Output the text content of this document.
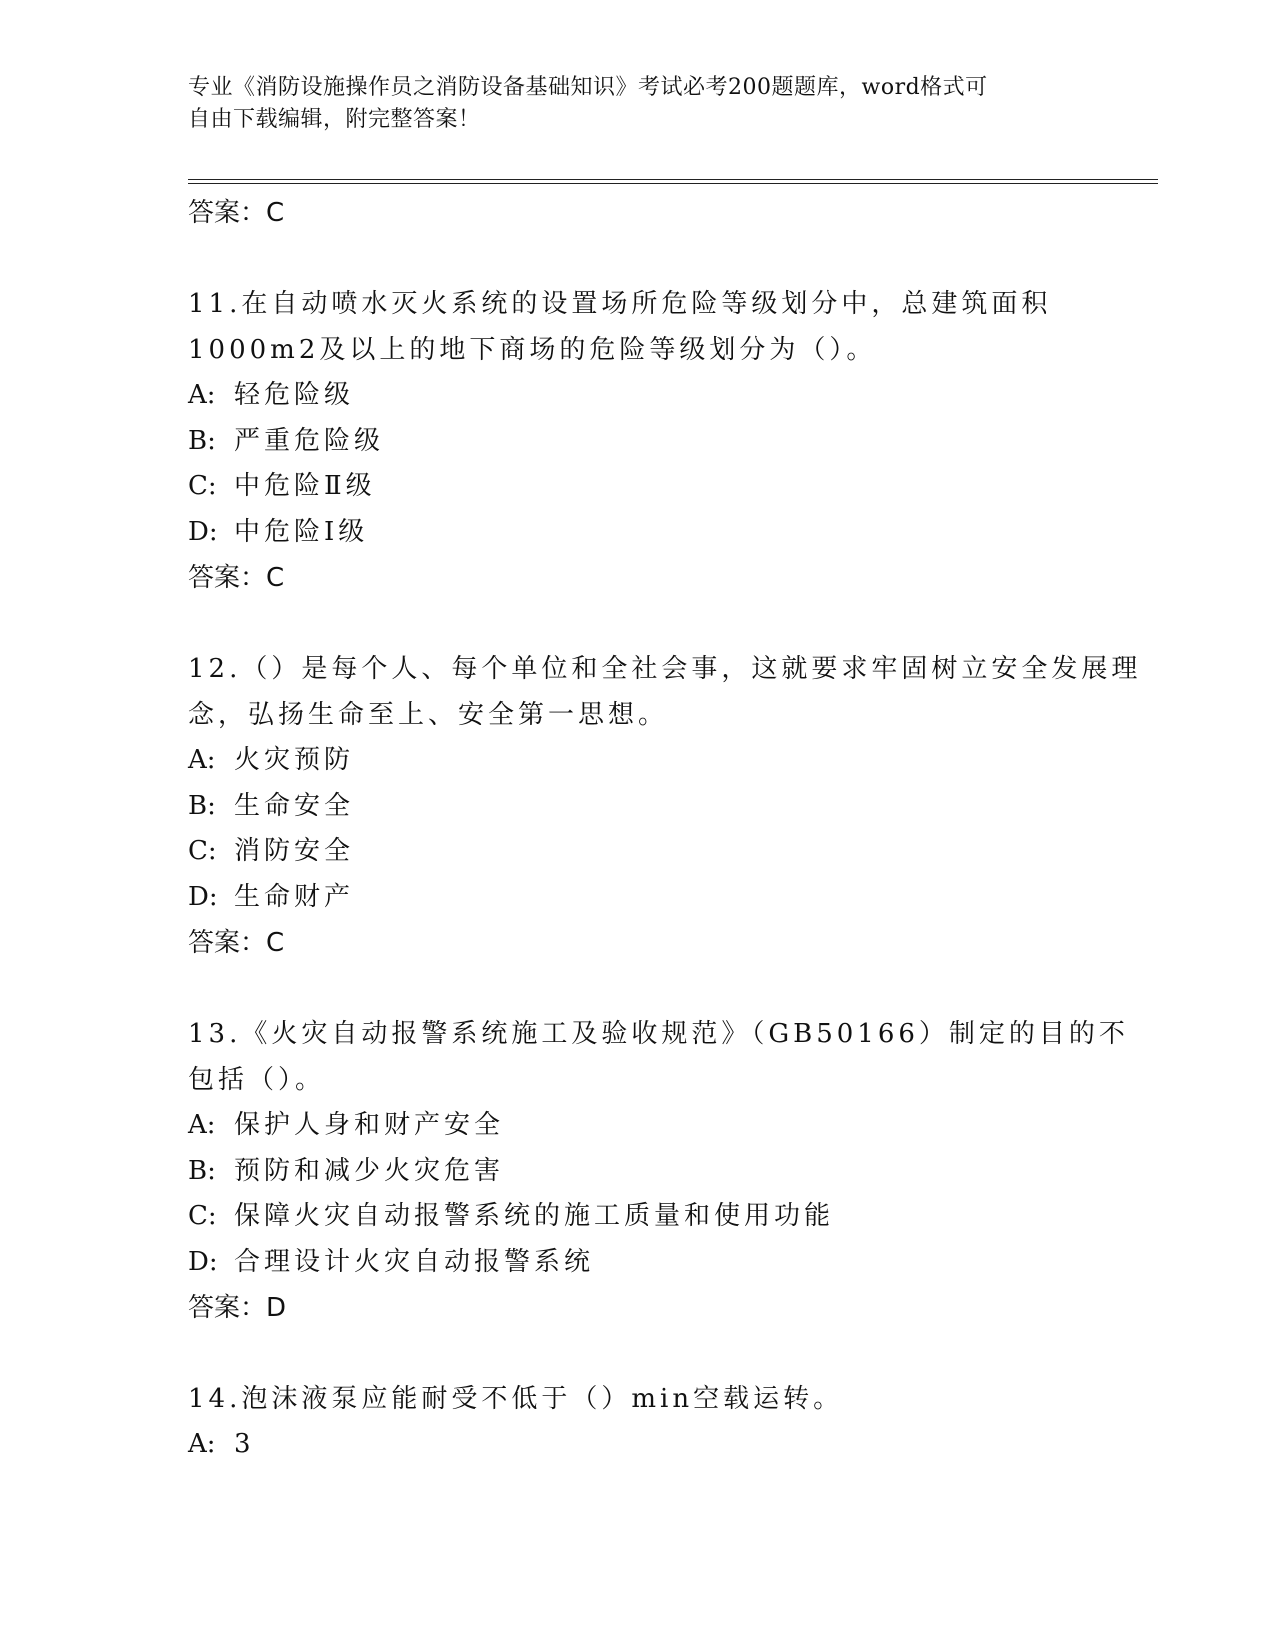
专业《消防设施操作员之消防设备基础知识》考试必考200题题库，word格式可
自由下载编辑，附完整答案！
答案：C
11.在自动喷水灭火系统的设置场所危险等级划分中，总建筑面积1000m2及以上的地下商场的危险等级划分为（）。
A: 轻危险级
B: 严重危险级
C: 中危险Ⅱ级
D: 中危险Ⅰ级
答案：C
12.（）是每个人、每个单位和全社会事，这就要求牢固树立安全发展理念，弘扬生命至上、安全第一思想。
A: 火灾预防
B: 生命安全
C: 消防安全
D: 生命财产
答案：C
13.《火灾自动报警系统施工及验收规范》（GB50166）制定的目的不包括（）。
A: 保护人身和财产安全
B: 预防和减少火灾危害
C: 保障火灾自动报警系统的施工质量和使用功能
D: 合理设计火灾自动报警系统
答案：D
14.泡沫液泵应能耐受不低于（）min空载运转。
A: 3
